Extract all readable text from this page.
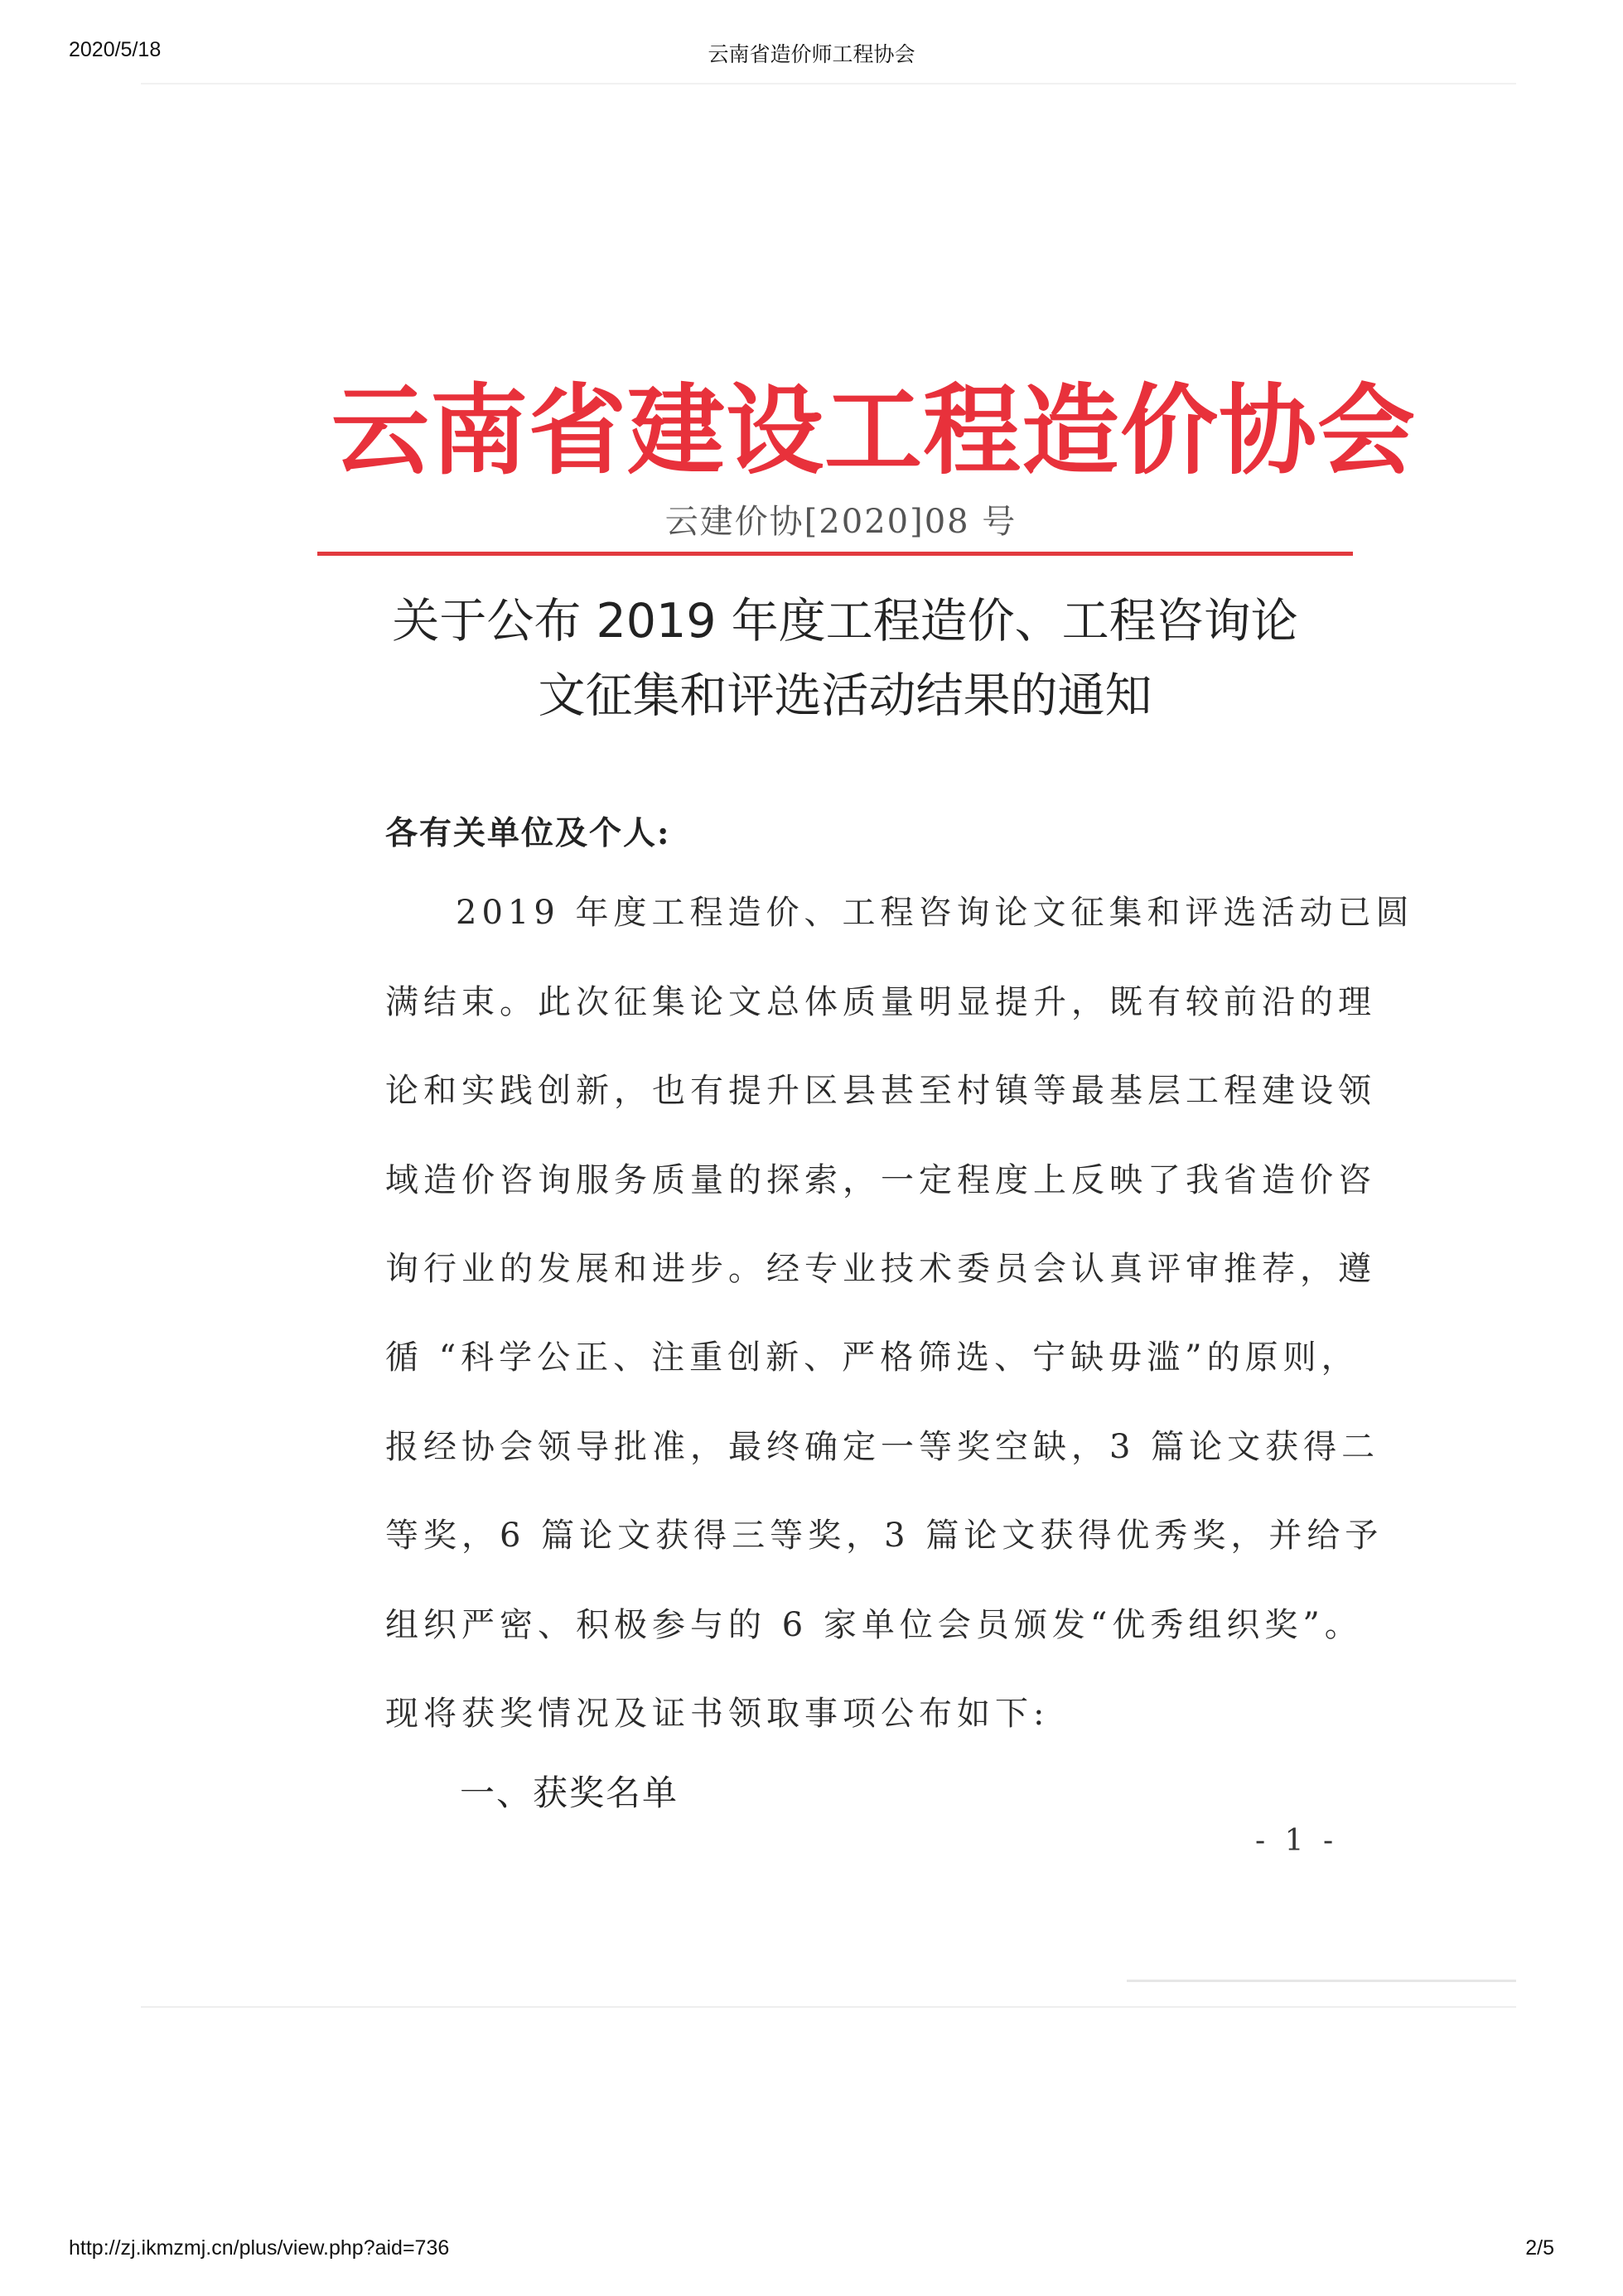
2020/5/18	云南省造价师工程协会
云南省建设工程造价协会
云建价协[2020]08 号
关于公布 2019 年度工程造价、工程咨询论
文征集和评选活动结果的通知
各有关单位及个人:
2019 年度工程造价、工程咨询论文征集和评选活动已圆
满结束。此次征集论文总体质量明显提升，既有较前沿的理
论和实践创新，也有提升区县甚至村镇等最基层工程建设领
域造价咨询服务质量的探索，一定程度上反映了我省造价咨
询行业的发展和进步。经专业技术委员会认真评审推荐，遵
循 “科学公正、注重创新、严格筛选、宁缺毋滥”的原则，
报经协会领导批准，最终确定一等奖空缺，3 篇论文获得二
等奖，6 篇论文获得三等奖，3 篇论文获得优秀奖，并给予
组织严密、积极参与的 6 家单位会员颁发“优秀组织奖”。
现将获奖情况及证书领取事项公布如下:
一、获奖名单
- 1 -
http://zj.ikmzmj.cn/plus/view.php?aid=736	2/5
